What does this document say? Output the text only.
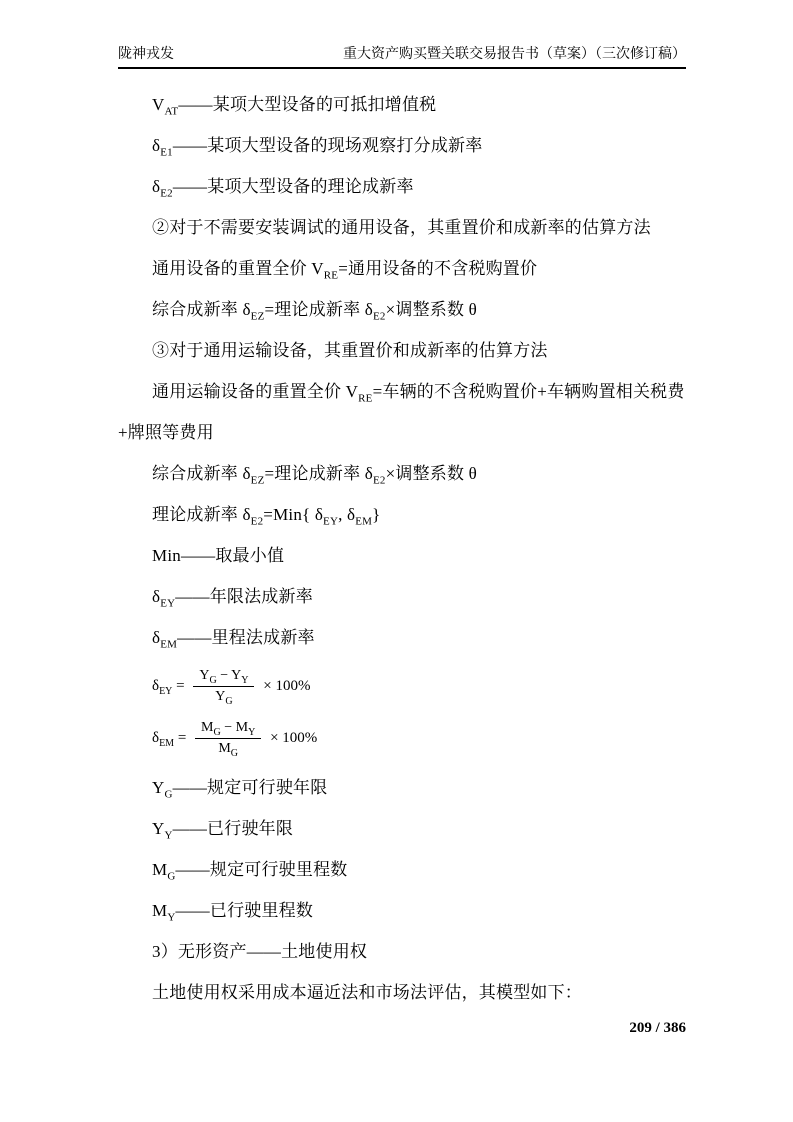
陇神戎发	重大资产购买暨关联交易报告书（草案）（三次修订稿）

$V_{AT}——$某项大型设备的可抵扣增值税

$\delta_{E1}——$某项大型设备的现场观察打分成新率

$\delta_{E2}——$某项大型设备的理论成新率

②对于不需要安装调试的通用设备，其重置价和成新率的估算方法

通用设备的重置全价 $V_{RE}=$通用设备的不含税购置价

综合成新率 $\delta_{EZ}=$理论成新率 $\delta_{E2}\times$调整系数 θ

③对于通用运输设备，其重置价和成新率的估算方法

通用运输设备的重置全价 $V_{RE}=$车辆的不含税购置价+车辆购置相关税费+牌照等费用

综合成新率 $\delta_{EZ}=$理论成新率 $\delta_{E2}\times$调整系数 θ

理论成新率 $\delta_{E2}=Min${ $\delta_{EY}$, $\delta_{EM}$}

Min——取最小值

$\delta_{EY}——$年限法成新率

$\delta_{EM}——$里程法成新率

$\delta_{EY} = \frac{Y_G - Y_Y}{Y_G} \times 100\%$
$\delta_{EM} = \frac{M_G - M_Y}{M_G} \times 100\%$

$Y_G——$规定可行驶年限

$Y_Y——$已行驶年限

$M_G——$规定可行驶里程数

$M_Y——$已行驶里程数

3）无形资产——土地使用权

土地使用权采用成本逼近法和市场法评估，其模型如下：

209 / 386
